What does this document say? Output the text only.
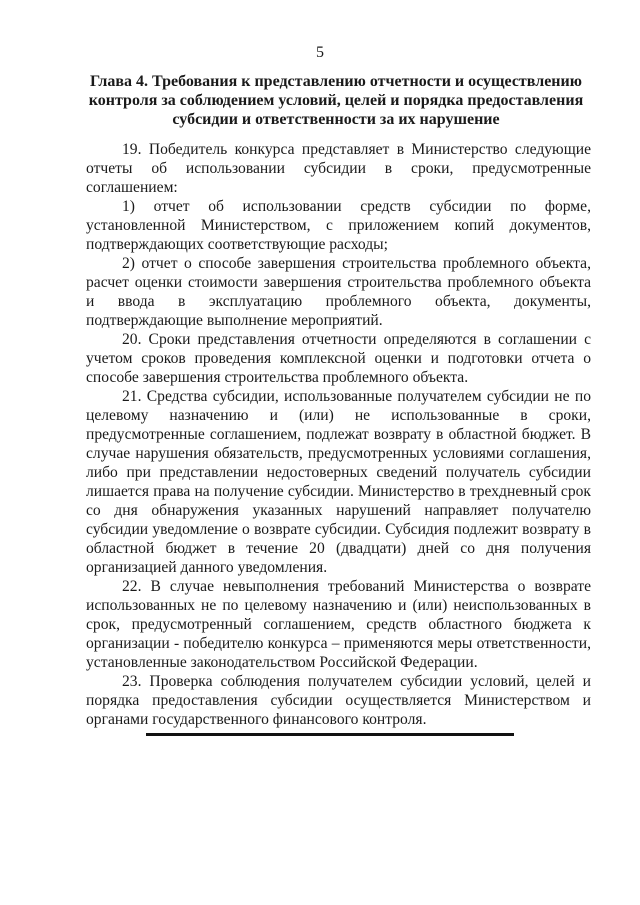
5
Глава 4. Требования к представлению отчетности и осуществлению контроля за соблюдением условий, целей и порядка предоставления субсидии и ответственности за их нарушение

19. Победитель конкурса представляет в Министерство следующие отчеты об использовании субсидии в сроки, предусмотренные соглашением:

1) отчет об использовании средств субсидии по форме, установленной Министерством, с приложением копий документов, подтверждающих соответствующие расходы;

2) отчет о способе завершения строительства проблемного объекта, расчет оценки стоимости завершения строительства проблемного объекта и ввода в эксплуатацию проблемного объекта, документы, подтверждающие выполнение мероприятий.

20. Сроки представления отчетности определяются в соглашении с учетом сроков проведения комплексной оценки и подготовки отчета о способе завершения строительства проблемного объекта.

21. Средства субсидии, использованные получателем субсидии не по целевому назначению и (или) не использованные в сроки, предусмотренные соглашением, подлежат возврату в областной бюджет. В случае нарушения обязательств, предусмотренных условиями соглашения, либо при представлении недостоверных сведений получатель субсидии лишается права на получение субсидии. Министерство в трехдневный срок со дня обнаружения указанных нарушений направляет получателю субсидии уведомление о возврате субсидии. Субсидия подлежит возврату в областной бюджет в течение 20 (двадцати) дней со дня получения организацией данного уведомления.

22. В случае невыполнения требований Министерства о возврате использованных не по целевому назначению и (или) неиспользованных в срок, предусмотренный соглашением, средств областного бюджета к организации - победителю конкурса – применяются меры ответственности, установленные законодательством Российской Федерации.

23. Проверка соблюдения получателем субсидии условий, целей и порядка предоставления субсидии осуществляется Министерством и органами государственного финансового контроля.
